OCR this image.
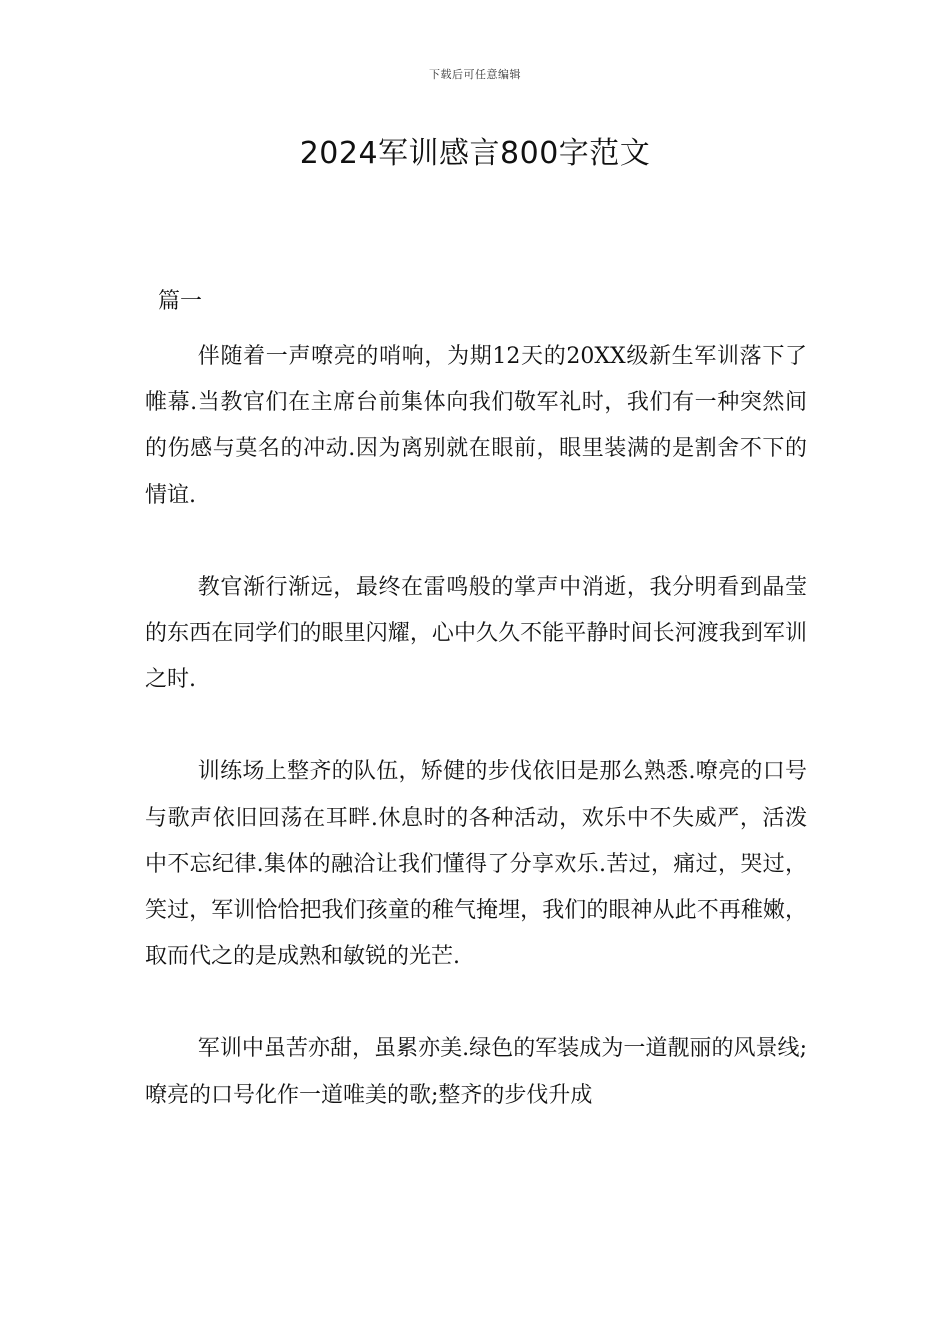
下载后可任意编辑
2024军训感言800字范文
篇一

伴随着一声嘹亮的哨响，为期12天的20XX级新生军训落下了帷幕.当教官们在主席台前集体向我们敬军礼时，我们有一种突然间的伤感与莫名的冲动.因为离别就在眼前，眼里装满的是割舍不下的情谊.

教官渐行渐远，最终在雷鸣般的掌声中消逝，我分明看到晶莹的东西在同学们的眼里闪耀，心中久久不能平静时间长河渡我到军训之时.

训练场上整齐的队伍，矫健的步伐依旧是那么熟悉.嘹亮的口号与歌声依旧回荡在耳畔.休息时的各种活动，欢乐中不失威严，活泼中不忘纪律.集体的融洽让我们懂得了分享欢乐.苦过，痛过，哭过，笑过，军训恰恰把我们孩童的稚气掩埋，我们的眼神从此不再稚嫩，取而代之的是成熟和敏锐的光芒.

军训中虽苦亦甜，虽累亦美.绿色的军装成为一道靓丽的风景线;嘹亮的口号化作一道唯美的歌;整齐的步伐升成
